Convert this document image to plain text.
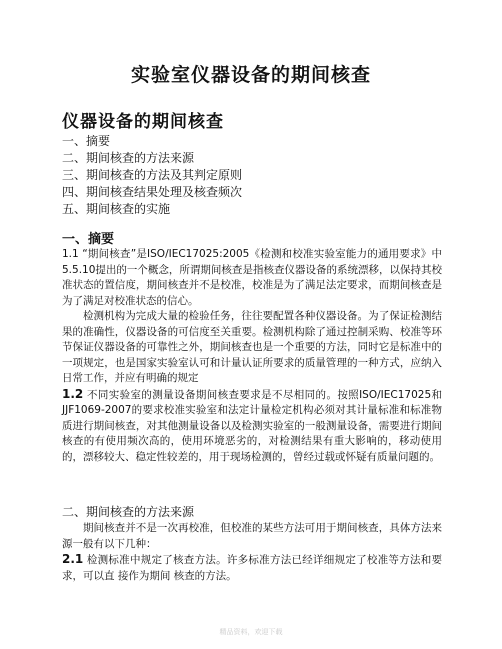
实验室仪器设备的期间核查
仪器设备的期间核查
一、摘要
二、期间核查的方法来源
三、期间核查的方法及其判定原则
四、期间核查结果处理及核查频次
五、期间核查的实施
一、摘要

1.1 “期间核查”是ISO/IEC17025:2005《检测和校准实验室能力的通用要求》中5.5.10提出的一个概念，所谓期间核查是指核查仪器设备的系统漂移，以保持其校准状态的置信度，期间核查并不是校准，校准是为了满足法定要求，而期间核查是为了满足对校准状态的信心。

检测机构为完成大量的检验任务，往往要配置各种仪器设备。为了保证检测结果的准确性，仪器设备的可信度至关重要。检测机构除了通过控制采购、校准等环节保证仪器设备的可靠性之外，期间核查也是一个重要的方法，同时它是标准中的一项规定，也是国家实验室认可和计量认证所要求的质量管理的一种方式，应纳入日常工作，并应有明确的规定

1.2 不同实验室的测量设备期间核查要求是不尽相同的。按照ISO/IEC17025和JJF1069-2007的要求校准实验室和法定计量检定机构必须对其计量标准和标准物质进行期间核查，对其他测量设备以及检测实验室的一般测量设备，需要进行期间核查的有使用频次高的，使用环境恶劣的，对检测结果有重大影响的，移动使用的，漂移较大、稳定性较差的，用于现场检测的，曾经过载或怀疑有质量问题的。

二、期间核查的方法来源

期间核查并不是一次再校准，但校准的某些方法可用于期间核查，具体方法来源一般有以下几种：

2.1 检测标准中规定了核查方法。许多标准方法已经详细规定了校准等方法和要求，可以直 接作为期间 核查的方法。

精品资料，欢迎下载
